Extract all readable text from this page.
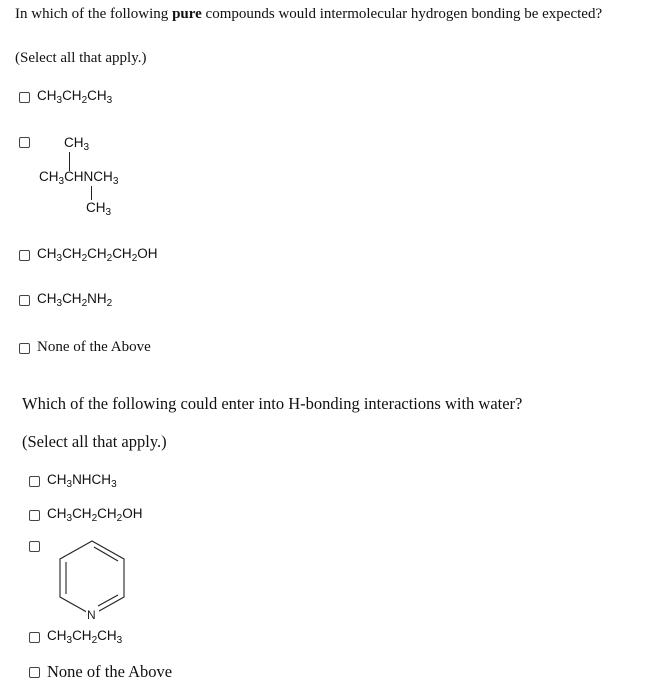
In which of the following pure compounds would intermolecular hydrogen bonding be expected?
(Select all that apply.)
$CH_3CH_2CH_3$
$CH_3$
$CH_3CHNCH_3$
$CH_3$
$CH_3CH_2CH_2CH_2OH$
$CH_3CH_2NH_2$
None of the Above
Which of the following could enter into H-bonding interactions with water?
(Select all that apply.)
$CH_3NHCH_3$
$CH_3CH_2CH_2OH$
N
$CH_3CH_2CH_3$
None of the Above
